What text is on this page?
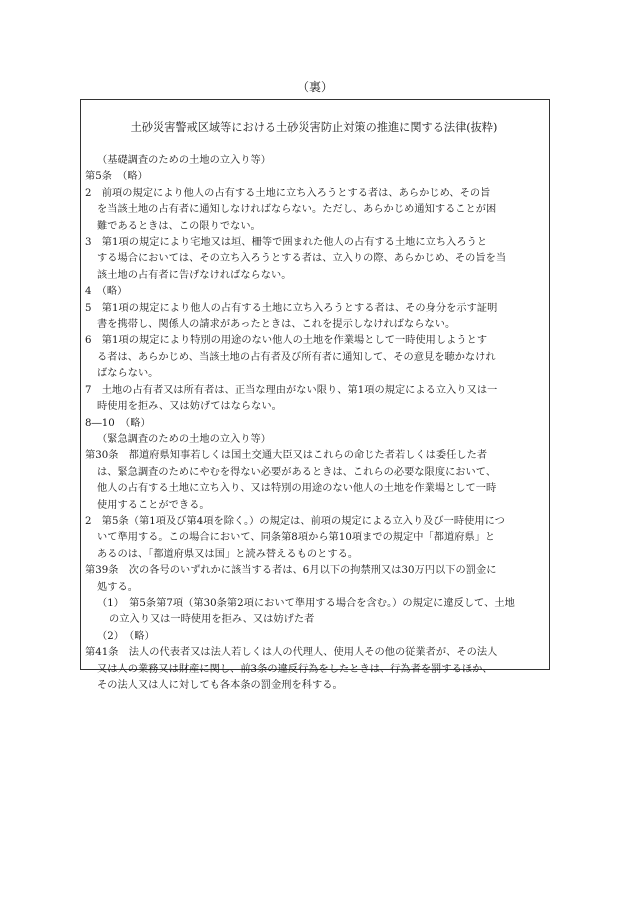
（裏）
土砂災害警戒区域等における土砂災害防止対策の推進に関する法律(抜粋)
（基礎調査のための土地の立入り等）
第5条　（略）
2　前項の規定により他人の占有する土地に立ち入ろうとする者は、あらかじめ、その旨
を当該土地の占有者に通知しなければならない。ただし、あらかじめ通知することが困
難であるときは、この限りでない。
3　第1項の規定により宅地又は垣、柵等で囲まれた他人の占有する土地に立ち入ろうと
する場合においては、その立ち入ろうとする者は、立入りの際、あらかじめ、その旨を当
該土地の占有者に告げなければならない。
4　（略）
5　第1項の規定により他人の占有する土地に立ち入ろうとする者は、その身分を示す証明
書を携帯し、関係人の請求があったときは、これを提示しなければならない。
6　第1項の規定により特別の用途のない他人の土地を作業場として一時使用しようとす
る者は、あらかじめ、当該土地の占有者及び所有者に通知して、その意見を聴かなけれ
ばならない。
7　土地の占有者又は所有者は、正当な理由がない限り、第1項の規定による立入り又は一
時使用を拒み、又は妨げてはならない。
8―10　（略）
（緊急調査のための土地の立入り等）
第30条　都道府県知事若しくは国土交通大臣又はこれらの命じた者若しくは委任した者
は、緊急調査のためにやむを得ない必要があるときは、これらの必要な限度において、
他人の占有する土地に立ち入り、又は特別の用途のない他人の土地を作業場として一時
使用することができる。
2　第5条（第1項及び第4項を除く。）の規定は、前項の規定による立入り及び一時使用につ
いて準用する。この場合において、同条第8項から第10項までの規定中「都道府県」と
あるのは、「都道府県又は国」と読み替えるものとする。
第39条　次の各号のいずれかに該当する者は、6月以下の拘禁刑又は30万円以下の罰金に
処する。
（1）　第5条第7項（第30条第2項において準用する場合を含む。）の規定に違反して、土地
の立入り又は一時使用を拒み、又は妨げた者
（2）　（略）
第41条　法人の代表者又は法人若しくは人の代理人、使用人その他の従業者が、その法人
又は人の業務又は財産に関し、前3条の違反行為をしたときは、行為者を罰するほか、
その法人又は人に対しても各本条の罰金刑を科する。
